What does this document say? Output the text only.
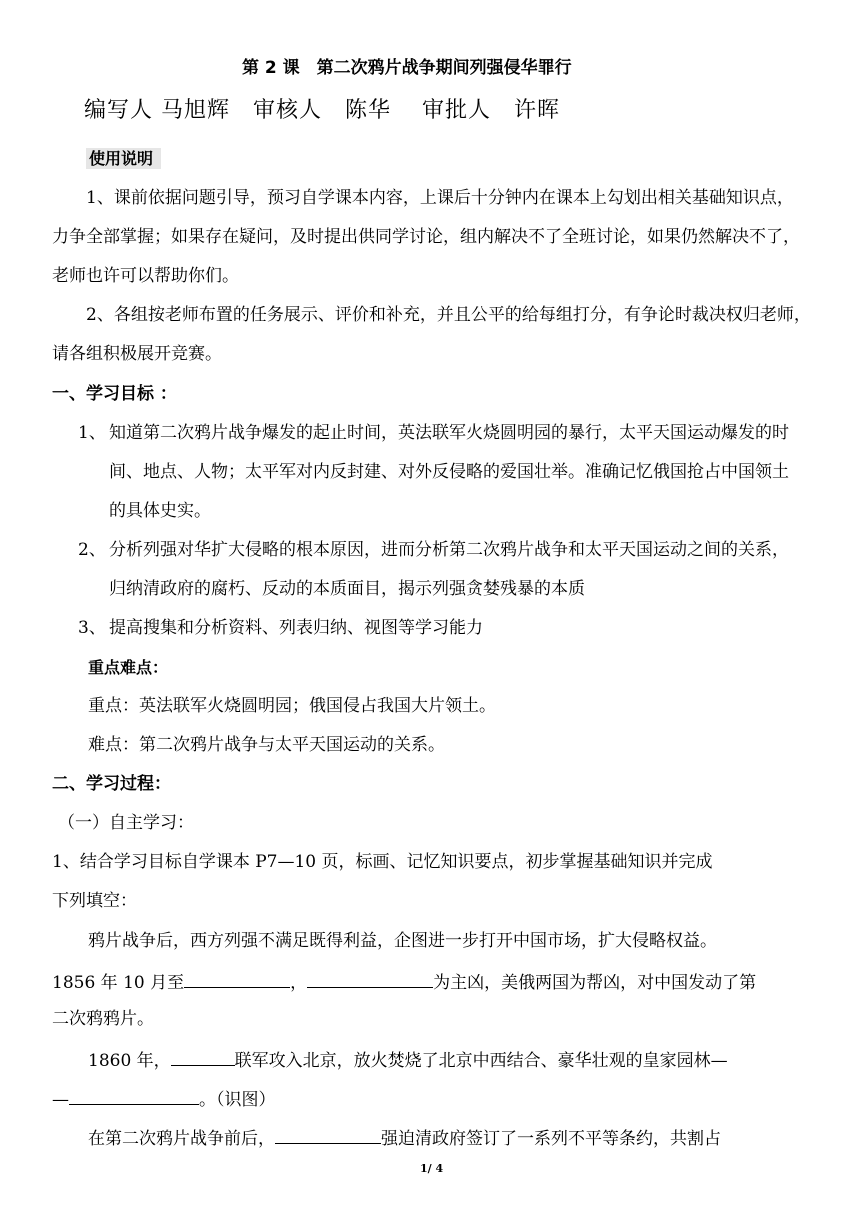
第 2 课　第二次鸦片战争期间列强侵华罪行
编写人 马旭辉　审核人　陈华　 审批人　许晖
使用说明
1、课前依据问题引导，预习自学课本内容，上课后十分钟内在课本上勾划出相关基础知识点，
力争全部掌握；如果存在疑问，及时提出供同学讨论，组内解决不了全班讨论，如果仍然解决不了，
老师也许可以帮助你们。
2、各组按老师布置的任务展示、评价和补充，并且公平的给每组打分，有争论时裁决权归老师，
请各组积极展开竞赛。
一、学习目标 ：
1、 知道第二次鸦片战争爆发的起止时间，英法联军火烧圆明园的暴行，太平天国运动爆发的时
间、地点、人物；太平军对内反封建、对外反侵略的爱国壮举。准确记忆俄国抢占中国领土
的具体史实。
2、 分析列强对华扩大侵略的根本原因，进而分析第二次鸦片战争和太平天国运动之间的关系，
归纳清政府的腐朽、反动的本质面目，揭示列强贪婪残暴的本质
3、 提高搜集和分析资料、列表归纳、视图等学习能力
重点难点：
重点：英法联军火烧圆明园；俄国侵占我国大片领土。
难点：第二次鸦片战争与太平天国运动的关系。
二、学习过程：
（一）自主学习：
1、结合学习目标自学课本 P7—10 页，标画、记忆知识要点，初步掌握基础知识并完成
下列填空：
鸦片战争后，西方列强不满足既得利益，企图进一步打开中国市场，扩大侵略权益。
1856 年 10 月至	，	为主凶，美俄两国为帮凶，对中国发动了第
二次鸦鸦片。
1860 年，	联军攻入北京，放火焚烧了北京中西结合、豪华壮观的皇家园林—
—	。（识图）
在第二次鸦片战争前后，	强迫清政府签订了一系列不平等条约，共割占
1/ 4
